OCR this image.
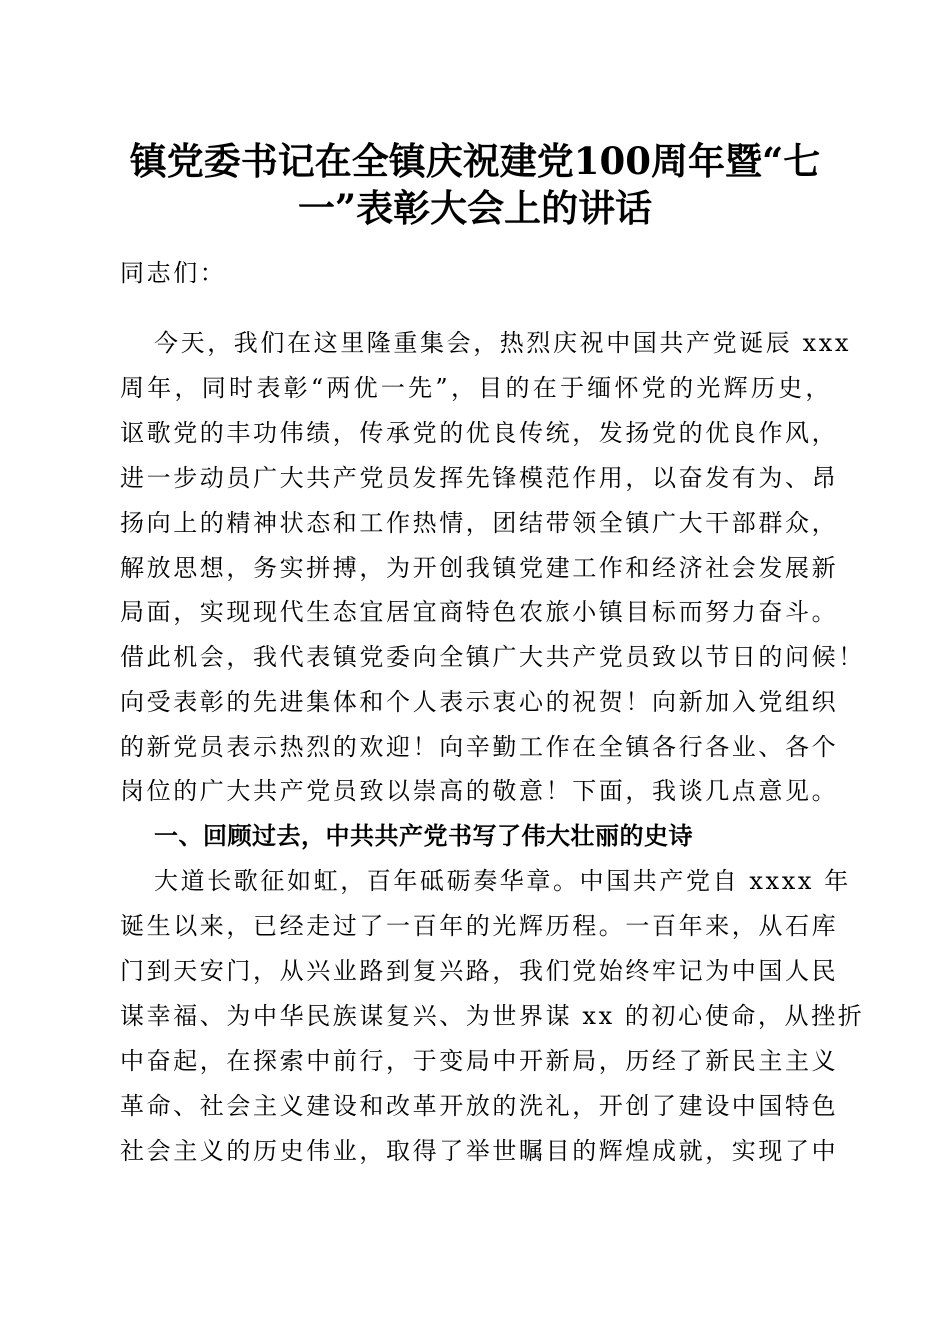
镇党委书记在全镇庆祝建党100周年暨“七
一”表彰大会上的讲话
同志们：
今天，我们在这里隆重集会，热烈庆祝中国共产党诞辰 xxx
周年，同时表彰“两优一先”，目的在于缅怀党的光辉历史，
讴歌党的丰功伟绩，传承党的优良传统，发扬党的优良作风，
进一步动员广大共产党员发挥先锋模范作用，以奋发有为、昂
扬向上的精神状态和工作热情，团结带领全镇广大干部群众，
解放思想，务实拼搏，为开创我镇党建工作和经济社会发展新
局面，实现现代生态宜居宜商特色农旅小镇目标而努力奋斗。
借此机会，我代表镇党委向全镇广大共产党员致以节日的问候！
向受表彰的先进集体和个人表示衷心的祝贺！向新加入党组织
的新党员表示热烈的欢迎！向辛勤工作在全镇各行各业、各个
岗位的广大共产党员致以崇高的敬意！下面，我谈几点意见。
一、回顾过去，中共共产党书写了伟大壮丽的史诗
大道长歌征如虹，百年砥砺奏华章。中国共产党自 xxxx 年
诞生以来，已经走过了一百年的光辉历程。一百年来，从石库
门到天安门，从兴业路到复兴路，我们党始终牢记为中国人民
谋幸福、为中华民族谋复兴、为世界谋 xx 的初心使命，从挫折
中奋起，在探索中前行，于变局中开新局，历经了新民主主义
革命、社会主义建设和改革开放的洗礼，开创了建设中国特色
社会主义的历史伟业，取得了举世瞩目的辉煌成就，实现了中
